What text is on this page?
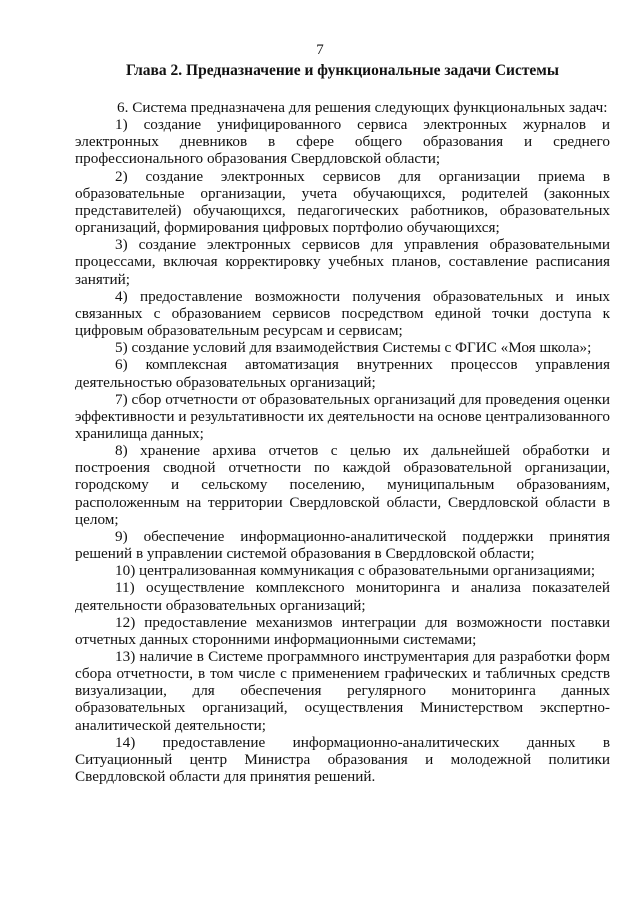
7
Глава 2. Предназначение и функциональные задачи Системы

6. Система предназначена для решения следующих функциональных задач:

1) создание унифицированного сервиса электронных журналов и электронных дневников в сфере общего образования и среднего профессионального образования Свердловской области;

2) создание электронных сервисов для организации приема в образовательные организации, учета обучающихся, родителей (законных представителей) обучающихся, педагогических работников, образовательных организаций, формирования цифровых портфолио обучающихся;

3) создание электронных сервисов для управления образовательными процессами, включая корректировку учебных планов, составление расписания занятий;

4) предоставление возможности получения образовательных и иных связанных с образованием сервисов посредством единой точки доступа к цифровым образовательным ресурсам и сервисам;

5) создание условий для взаимодействия Системы с ФГИС «Моя школа»;

6) комплексная автоматизация внутренних процессов управления деятельностью образовательных организаций;

7) сбор отчетности от образовательных организаций для проведения оценки эффективности и результативности их деятельности на основе централизованного хранилища данных;

8) хранение архива отчетов с целью их дальнейшей обработки и построения сводной отчетности по каждой образовательной организации, городскому и сельскому поселению, муниципальным образованиям, расположенным на территории Свердловской области, Свердловской области в целом;

9) обеспечение информационно-аналитической поддержки принятия решений в управлении системой образования в Свердловской области;

10) централизованная коммуникация с образовательными организациями;

11) осуществление комплексного мониторинга и анализа показателей деятельности образовательных организаций;

12) предоставление механизмов интеграции для возможности поставки отчетных данных сторонними информационными системами;

13) наличие в Системе программного инструментария для разработки форм сбора отчетности, в том числе с применением графических и табличных средств визуализации, для обеспечения регулярного мониторинга данных образовательных организаций, осуществления Министерством экспертно-аналитической деятельности;

14) предоставление информационно-аналитических данных в Ситуационный центр Министра образования и молодежной политики Свердловской области для принятия решений.
